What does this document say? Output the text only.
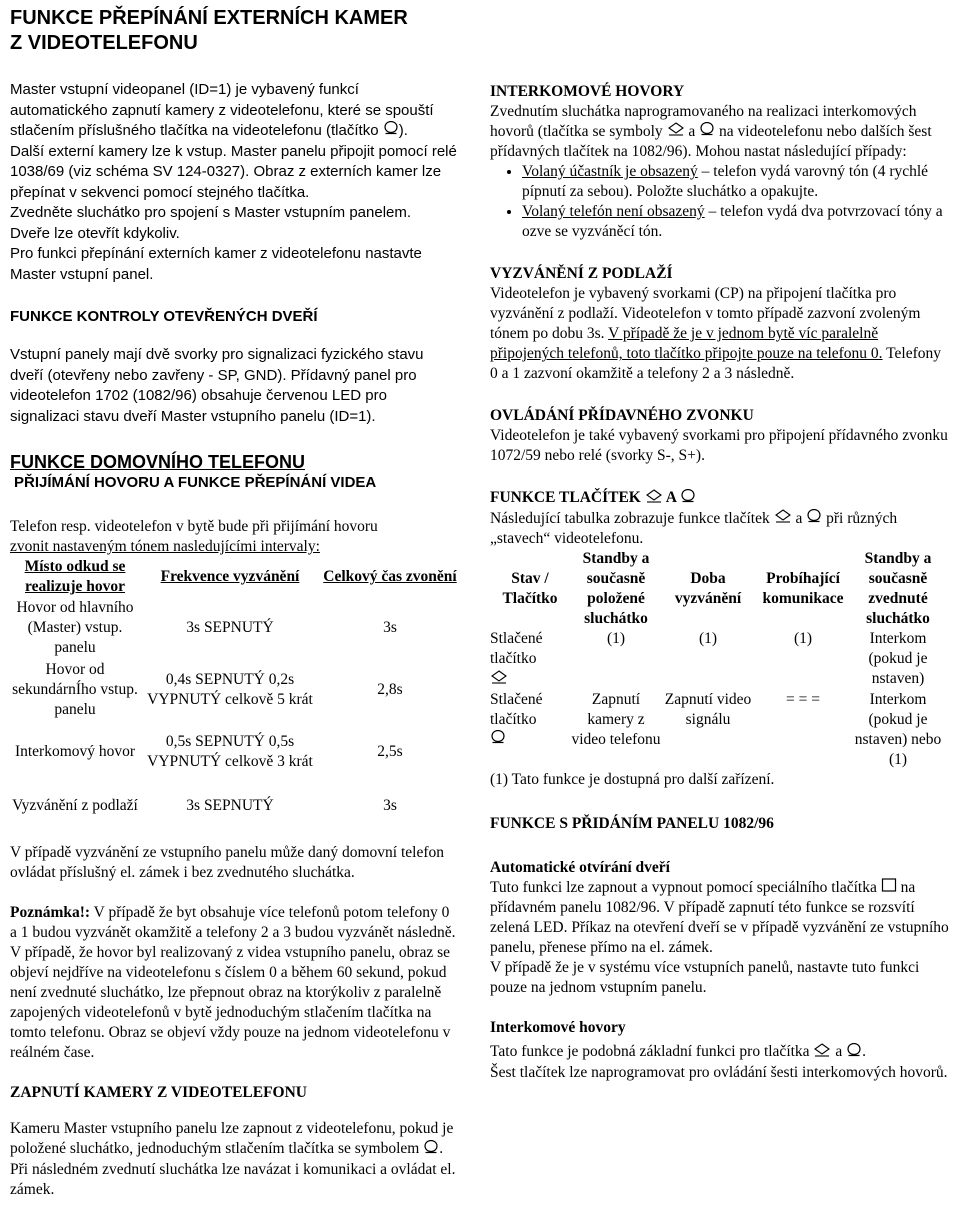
FUNKCE PŘEPÍNÁNÍ EXTERNÍCH KAMER
Z VIDEOTELEFONU

Master vstupní videopanel (ID=1) je vybavený funkcí automatického zapnutí kamery z videotelefonu, které se spouští stlačením příslušného tlačítka na videotelefonu (tlačítko ).

Další externí kamery lze k vstup. Master panelu připojit pomocí relé 1038/69 (viz schéma SV 124-0327). Obraz z externích kamer lze přepínat v sekvenci pomocí stejného tlačítka.

Zvedněte sluchátko pro spojení s Master vstupním panelem.

Dveře lze otevřít kdykoliv.

Pro funkci přepínání externích kamer z videotelefonu nastavte Master vstupní panel.

FUNKCE KONTROLY OTEVŘENÝCH DVEŘÍ

Vstupní panely mají dvě svorky pro signalizaci fyzického stavu dveří (otevřeny nebo zavřeny - SP, GND). Přídavný panel pro videotelefon 1702 (1082/96) obsahuje červenou LED pro signalizaci stavu dveří Master vstupního panelu (ID=1).

FUNKCE DOMOVNÍHO TELEFONU
PŘIJÍMÁNÍ HOVORU A FUNKCE PŘEPÍNÁNÍ VIDEA

Telefon resp. videotelefon v bytě bude při přijímání hovoru

zvonit nastaveným tónem nasledujícími intervaly:

Místo odkud se realizuje hovor	Frekvence vyzvánění	Celkový čas zvonění
Hovor od hlavního (Master) vstup. panelu	3s SEPNUTÝ	3s
Hovor od sekundárnÍho vstup. panelu	0,4s SEPNUTÝ 0,2s VYPNUTÝ celkově 5 krát	2,8s
Interkomový hovor	0,5s SEPNUTÝ 0,5s VYPNUTÝ celkově 3 krát	2,5s
Vyzvánění z podlaží	3s SEPNUTÝ	3s

V případě vyzvánění ze vstupního panelu může daný domovní telefon ovládat příslušný el. zámek i bez zvednutého sluchátka.

Poznámka!: V případě že byt obsahuje více telefonů potom telefony 0 a 1 budou vyzvánět okamžitě a telefony 2 a 3 budou vyzvánět následně. V případě, že hovor byl realizovaný z videa vstupního panelu, obraz se objeví nejdříve na videotelefonu s číslem 0 a během 60 sekund, pokud není zvednuté sluchátko, lze přepnout obraz na ktorýkoliv z paralelně zapojených videotelefonů v bytě jednoduchým stlačením tlačítka na tomto telefonu. Obraz se objeví vždy pouze na jednom videotelefonu v reálném čase.

ZAPNUTÍ KAMERY Z VIDEOTELEFONU

Kameru Master vstupního panelu lze zapnout z videotelefonu, pokud je položené sluchátko, jednoduchým stlačením tlačítka se symbolem .

Při následném zvednutí sluchátka lze navázat i komunikaci a ovládat el. zámek.

INTERKOMOVÉ HOVORY

Zvednutím sluchátka naprogramovaného na realizaci interkomových hovorů (tlačítka se symboly  a  na videotelefonu nebo dalších šest přídavných tlačítek na 1082/96). Mohou nastat následující případy:

• Volaný účastník je obsazený – telefon vydá varovný tón (4 rychlé pípnutí za sebou). Položte sluchátko a opakujte.
• Volaný telefón není obsazený – telefon vydá dva potvrzovací tóny a ozve se vyzváněcí tón.
VYZVÁNĚNÍ Z PODLAŽÍ

Videotelefon je vybavený svorkami (CP) na připojení tlačítka pro vyzvánění z podlaží. Videotelefon v tomto případě zazvoní zvoleným tónem po dobu 3s. V případě že je v jednom bytě víc paralelně připojených telefonů, toto tlačítko připojte pouze na telefonu 0. Telefony 0 a 1 zazvoní okamžitě a telefony 2 a 3 následně.

OVLÁDÁNÍ PŘÍDAVNÉHO ZVONKU

Videotelefon je také vybavený svorkami pro připojení přídavného zvonku 1072/59 nebo relé (svorky S-, S+).

FUNKCE TLAČÍTEK A

Následující tabulka zobrazuje funkce tlačítek  a  při různých „stavech“ videotelefonu.

Stav / Tlačítko	Standby a současně položené sluchátko	Doba vyzvánění	Probíhající komunikace	Standby a současně zvednuté sluchátko
Stlačené tlačítko	(1)	(1)	(1)	Interkom (pokud je nstaven)
Stlačené tlačítko	Zapnutí kamery z video telefonu	Zapnutí video signálu	= = =	Interkom (pokud je nstaven) nebo (1)

(1) Tato funkce je dostupná pro další zařízení.

FUNKCE S PŘIDÁNÍM PANELU 1082/96
Automatické otvírání dveří

Tuto funkci lze zapnout a vypnout pomocí speciálního tlačítka  na přídavném panelu 1082/96. V případě zapnutí této funkce se rozsvítí zelená LED. Příkaz na otevření dveří se v případě vyzvánění ze vstupního panelu, přenese přímo na el. zámek.

V případě že je v systému více vstupních panelů, nastavte tuto funkci pouze na jednom vstupním panelu.

Interkomové hovory

Tato funkce je podobná základní funkci pro tlačítka  a .

Šest tlačítek lze naprogramovat pro ovládání šesti interkomových hovorů.
